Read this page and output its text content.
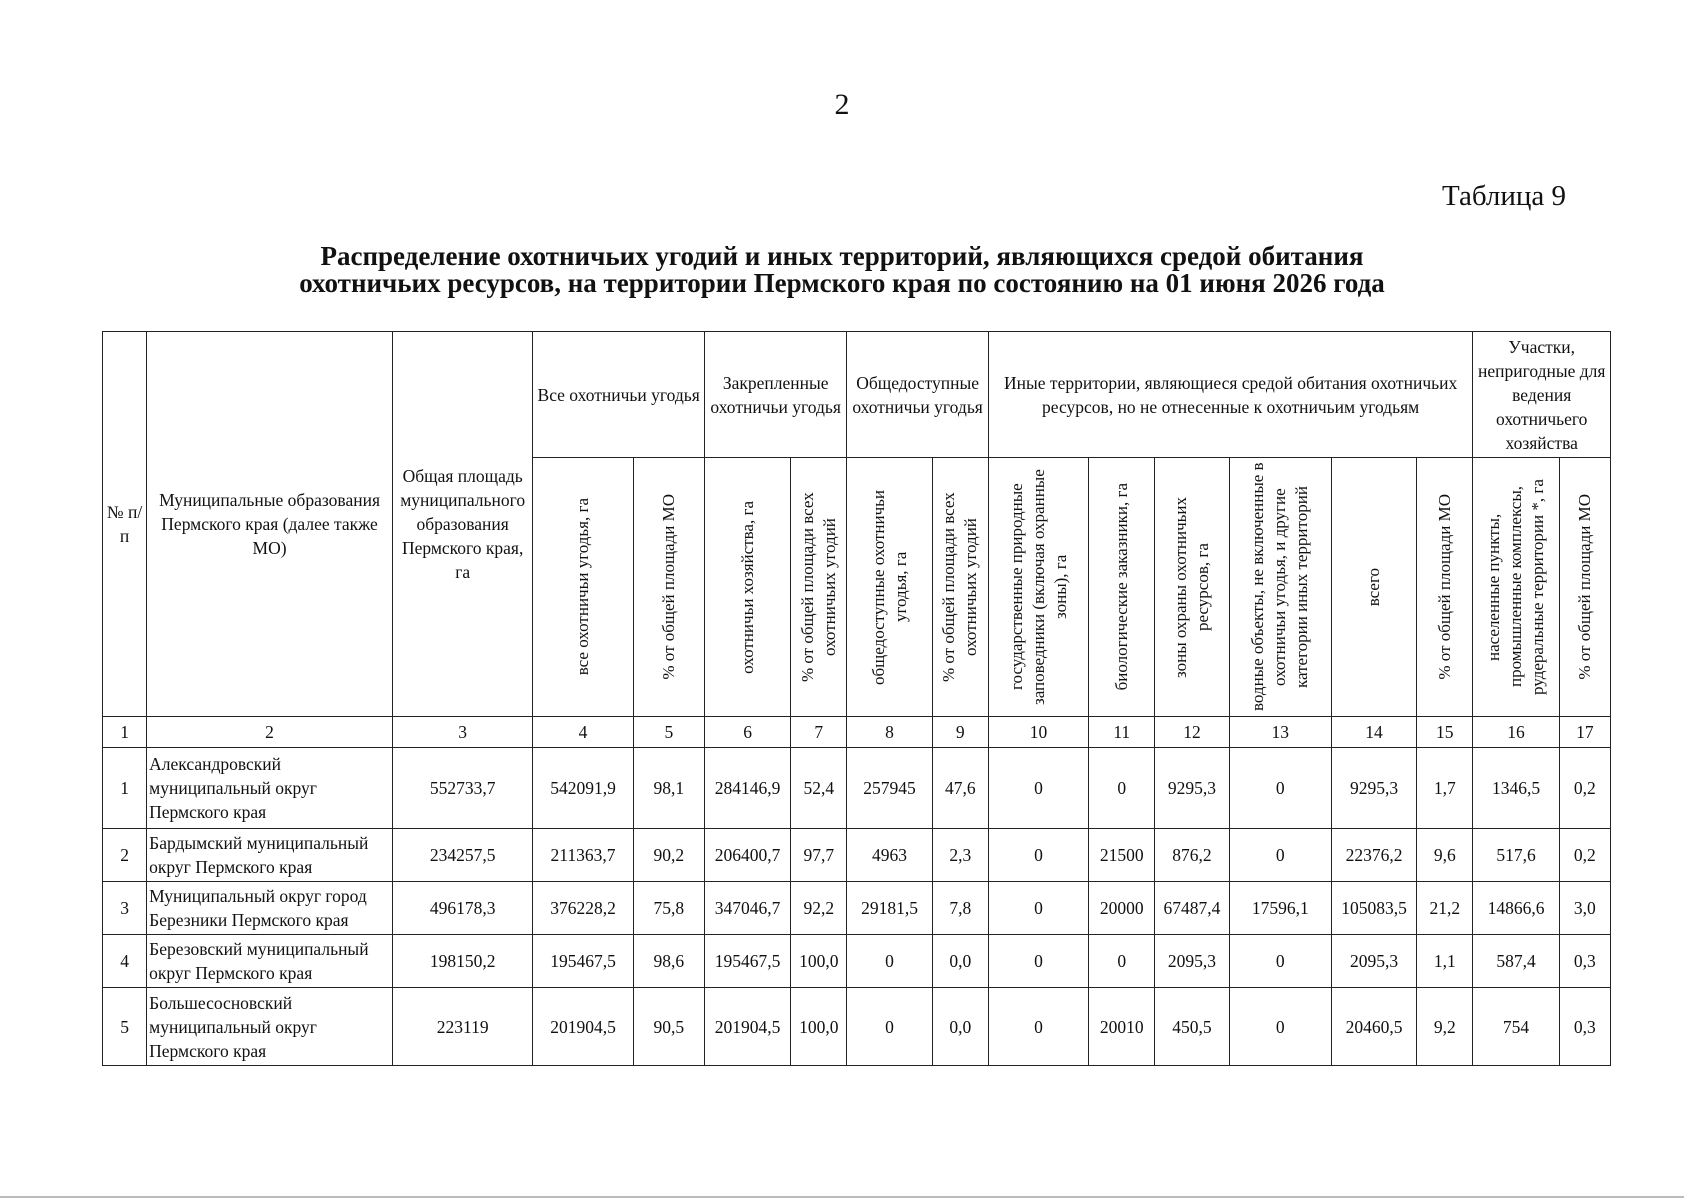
2
Таблица 9
Распределение охотничьих угодий и иных территорий, являющихся средой обитания
охотничьих ресурсов, на территории Пермского края по состоянию на 01 июня 2026 года
№ п/п	Муниципальные образования Пермского края (далее также МО)	Общая площадь муниципального образования Пермского края, га	Все охотничьи угодья		Закрепленные охотничьи угодья		Общедоступные охотничьи угодья		Иные территории, являющиеся средой обитания охотничьих ресурсов, но не отнесенные к охотничьим угодьям						Участки, непригодные для ведения охотничьего хозяйства	

			все охотничьи угодья, га	% от общей площади МО	охотничьи хозяйства, га	% от общей площади всех охотничьих угодий	общедоступные охотничьи угодья, га	% от общей площади всех охотничьих угодий	государственные природные заповедники (включая охранные зоны), га	биологические заказники, га	зоны охраны охотничьих ресурсов, га	водные объекты, не включенные в охотничьи угодья, и другие категории иных территорий	всего	% от общей площади МО	населенные пункты, промышленные комплексы, рудеральные территории *, га	% от общей площади МО

1	2	3	4	5	6	7	8	9	10	11	12	13	14	15	16	17
1	Александровский муниципальный округ Пермского края	552733,7	542091,9	98,1	284146,9	52,4	257945	47,6	0	0	9295,3	0	9295,3	1,7	1346,5	0,2
2	Бардымский муниципальный округ Пермского края	234257,5	211363,7	90,2	206400,7	97,7	4963	2,3	0	21500	876,2	0	22376,2	9,6	517,6	0,2
3	Муниципальный округ город Березники Пермского края	496178,3	376228,2	75,8	347046,7	92,2	29181,5	7,8	0	20000	67487,4	17596,1	105083,5	21,2	14866,6	3,0
4	Березовский муниципальный округ Пермского края	198150,2	195467,5	98,6	195467,5	100,0	0	0,0	0	0	2095,3	0	2095,3	1,1	587,4	0,3
5	Большесосновский муниципальный округ Пермского края	223119	201904,5	90,5	201904,5	100,0	0	0,0	0	20010	450,5	0	20460,5	9,2	754	0,3
